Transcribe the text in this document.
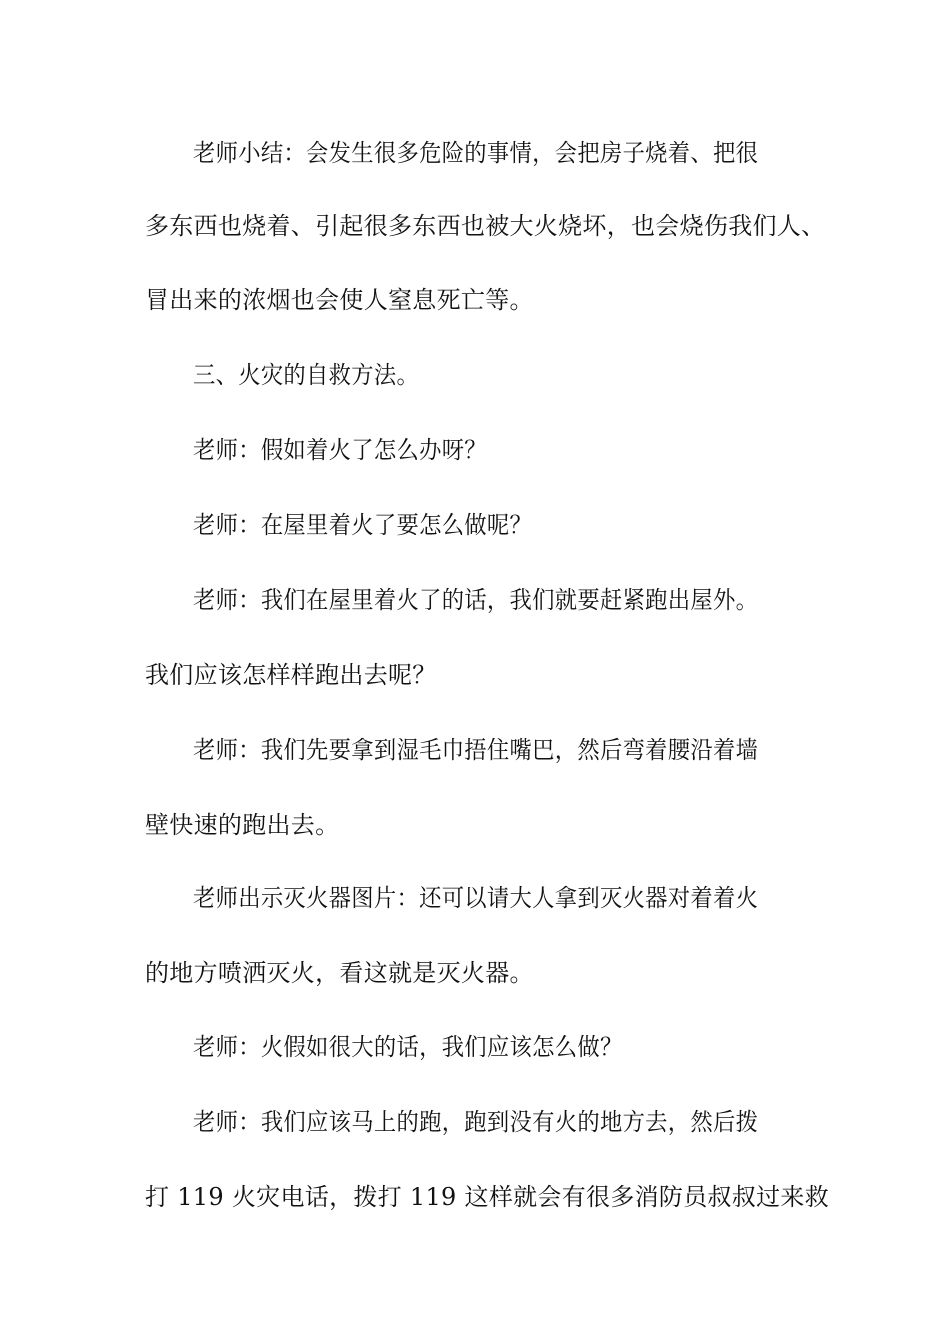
老师小结：会发生很多危险的事情，会把房子烧着、把很
多东西也烧着、引起很多东西也被大火烧坏，也会烧伤我们人、
冒出来的浓烟也会使人窒息死亡等。
三、火灾的自救方法。
老师：假如着火了怎么办呀？
老师：在屋里着火了要怎么做呢？
老师：我们在屋里着火了的话，我们就要赶紧跑出屋外。
我们应该怎样样跑出去呢？
老师：我们先要拿到湿毛巾捂住嘴巴，然后弯着腰沿着墙
壁快速的跑出去。
老师出示灭火器图片：还可以请大人拿到灭火器对着着火
的地方喷洒灭火，看这就是灭火器。
老师：火假如很大的话，我们应该怎么做？
老师：我们应该马上的跑，跑到没有火的地方去，然后拨
打 119 火灾电话，拨打 119 这样就会有很多消防员叔叔过来救
